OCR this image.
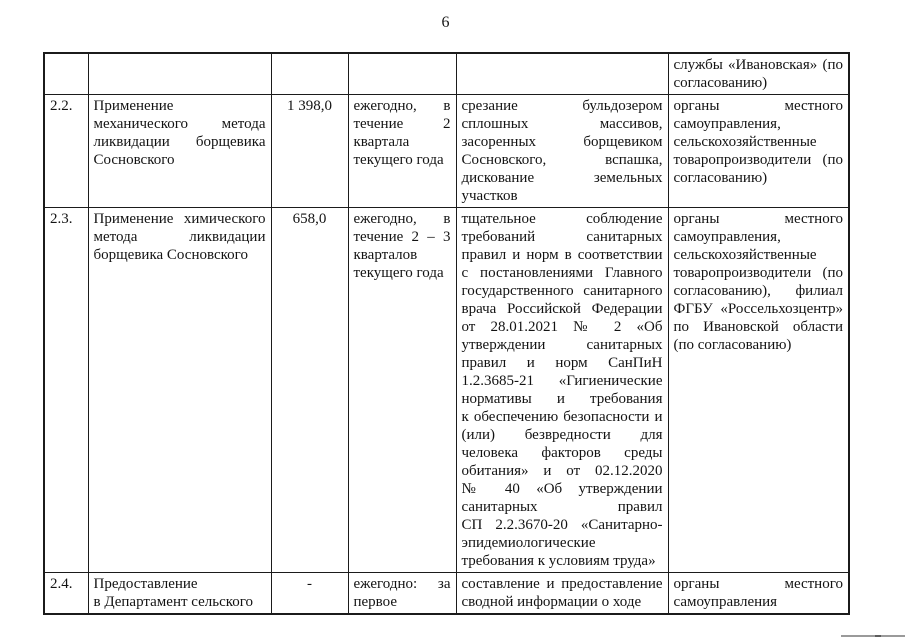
6
					службы «Ивановская» (по согласованию)
2.2.	Применение механического метода ликвидации борщевика Сосновского	1 398,0	ежегодно, в течение 2 квартала текущего года	срезание бульдозером сплошных массивов, засоренных борщевиком Сосновского, вспашка, дискование земельных участков	органы местного самоуправления, сельскохозяйственные товаропроизводители (по согласованию)
2.3.	Применение химического метода ликвидации борщевика Сосновского	658,0	ежегодно, в течение 2 – 3 кварталов текущего года	тщательное соблюдение требований санитарных правил и норм в соответствии с постановлениями Главного государственного санитарного врача Российской Федерации от 28.01.2021 № 2 «Об утверждении санитарных правил и норм СанПиН 1.2.3685-21 «Гигиенические нормативы и требования к обеспечению безопасности и (или) безвредности для человека факторов среды обитания» и от 02.12.2020 № 40 «Об утверждении санитарных правил СП 2.2.3670-20 «Санитарно-эпидемиологические требования к условиям труда»	органы местного самоуправления, сельскохозяйственные товаропроизводители (по согласованию), филиал ФГБУ «Россельхозцентр» по Ивановской области (по согласованию)
2.4.	Предоставление в Департамент сельского	-	ежегодно: за первое	составление и предоставление сводной информации о ходе	органы местного самоуправления
